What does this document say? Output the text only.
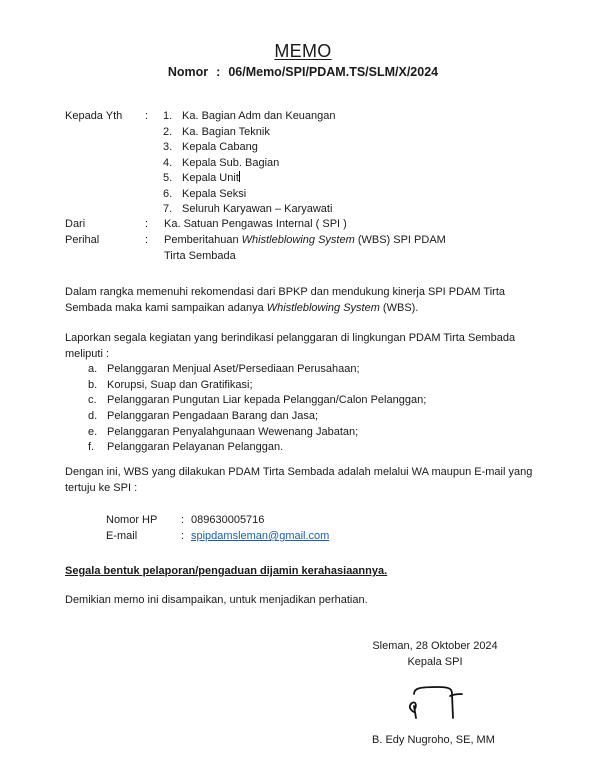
MEMO
Nomor : 06/Memo/SPI/PDAM.TS/SLM/X/2024
Kepada Yth : 1. Ka. Bagian Adm dan Keuangan
2. Ka. Bagian Teknik
3. Kepala Cabang
4. Kepala Sub. Bagian
5. Kepala Unit
6. Kepala Seksi
7. Seluruh Karyawan – Karyawati
Dari	: Ka. Satuan Pengawas Internal ( SPI )
Perihal	: Pemberitahuan Whistleblowing System (WBS) SPI PDAM
Tirta Sembada
Dalam rangka memenuhi rekomendasi dari BPKP dan mendukung kinerja SPI PDAM Tirta Sembada maka kami sampaikan adanya Whistleblowing System (WBS).
Laporkan segala kegiatan yang berindikasi pelanggaran di lingkungan PDAM Tirta Sembada meliputi :
a. Pelanggaran Menjual Aset/Persediaan Perusahaan;
b. Korupsi, Suap dan Gratifikasi;
c. Pelanggaran Pungutan Liar kepada Pelanggan/Calon Pelanggan;
d. Pelanggaran Pengadaan Barang dan Jasa;
e. Pelanggaran Penyalahgunaan Wewenang Jabatan;
f. Pelanggaran Pelayanan Pelanggan.
Dengan ini, WBS yang dilakukan PDAM Tirta Sembada adalah melalui WA maupun E-mail yang tertuju ke SPI :
Nomor HP : 089630005716
E-mail	: spipdamsleman@gmail.com
Segala bentuk pelaporan/pengaduan dijamin kerahasiaannya.
Demikian memo ini disampaikan, untuk menjadikan perhatian.
Sleman, 28 Oktober 2024
Kepala SPI
B. Edy Nugroho, SE, MM
